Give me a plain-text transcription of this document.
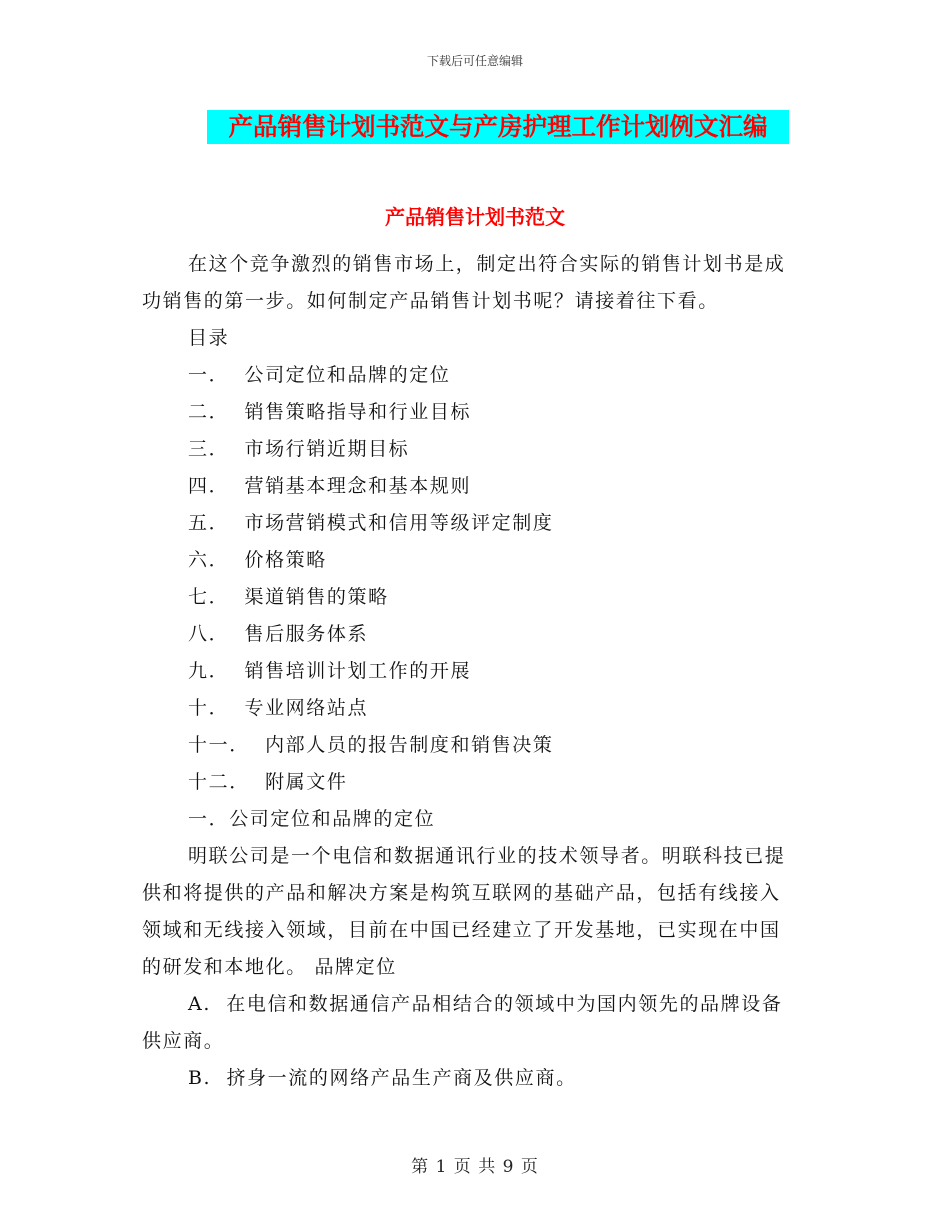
下载后可任意编辑
产品销售计划书范文与产房护理工作计划例文汇编
产品销售计划书范文

在这个竞争激烈的销售市场上，制定出符合实际的销售计划书是成功销售的第一步。如何制定产品销售计划书呢？请接着往下看。

目录

一．  公司定位和品牌的定位

二．  销售策略指导和行业目标

三．  市场行销近期目标

四．  营销基本理念和基本规则

五．  市场营销模式和信用等级评定制度

六．  价格策略

七．  渠道销售的策略

八．  售后服务体系

九．  销售培训计划工作的开展

十．  专业网络站点

十一．  内部人员的报告制度和销售决策

十二．  附属文件

一．公司定位和品牌的定位

明联公司是一个电信和数据通讯行业的技术领导者。明联科技已提供和将提供的产品和解决方案是构筑互联网的基础产品，包括有线接入领域和无线接入领域，目前在中国已经建立了开发基地，已实现在中国的研发和本地化。 品牌定位

A.  在电信和数据通信产品相结合的领域中为国内领先的品牌设备供应商。

B.  挤身一流的网络产品生产商及供应商。

第 1 页 共 9 页
